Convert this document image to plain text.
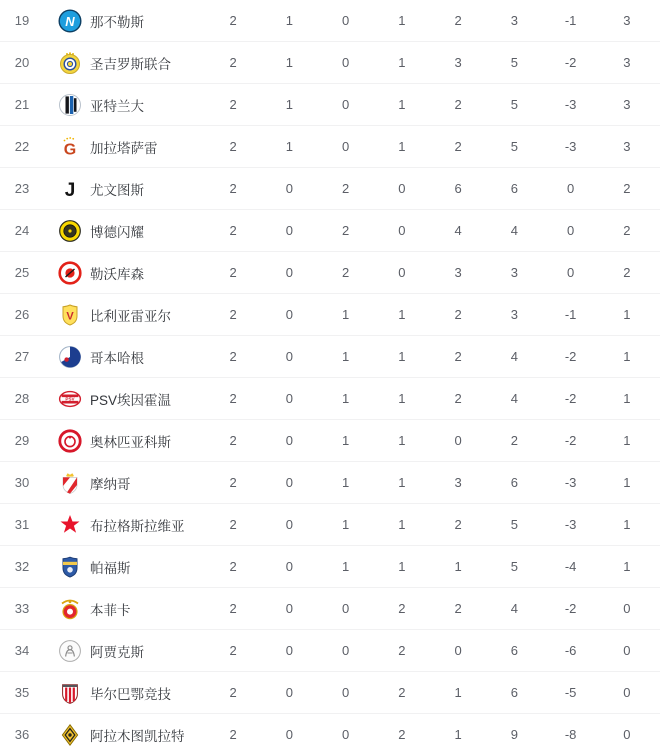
19	N 那不勒斯	2	1	0	1	2	3	-1	3
20	圣吉罗斯联合	2	1	0	1	3	5	-2	3
21	亚特兰大	2	1	0	1	2	5	-3	3
22	G 加拉塔萨雷	2	1	0	1	2	5	-3	3
23	J 尤文图斯	2	0	2	0	6	6	0	2
24	博德闪耀	2	0	2	0	4	4	0	2
25	勒沃库森	2	0	2	0	3	3	0	2
26	V 比利亚雷亚尔	2	0	1	1	2	3	-1	1
27	哥本哈根	2	0	1	1	2	4	-2	1
28	PSV PSV埃因霍温	2	0	1	1	2	4	-2	1
29	奥林匹亚科斯	2	0	1	1	0	2	-2	1
30	摩纳哥	2	0	1	1	3	6	-3	1
31	布拉格斯拉维亚	2	0	1	1	2	5	-3	1
32	帕福斯	2	0	1	1	1	5	-4	1
33	本菲卡	2	0	0	2	2	4	-2	0
34	阿贾克斯	2	0	0	2	0	6	-6	0
35	毕尔巴鄂竞技	2	0	0	2	1	6	-5	0
36	阿拉木图凯拉特	2	0	0	2	1	9	-8	0
